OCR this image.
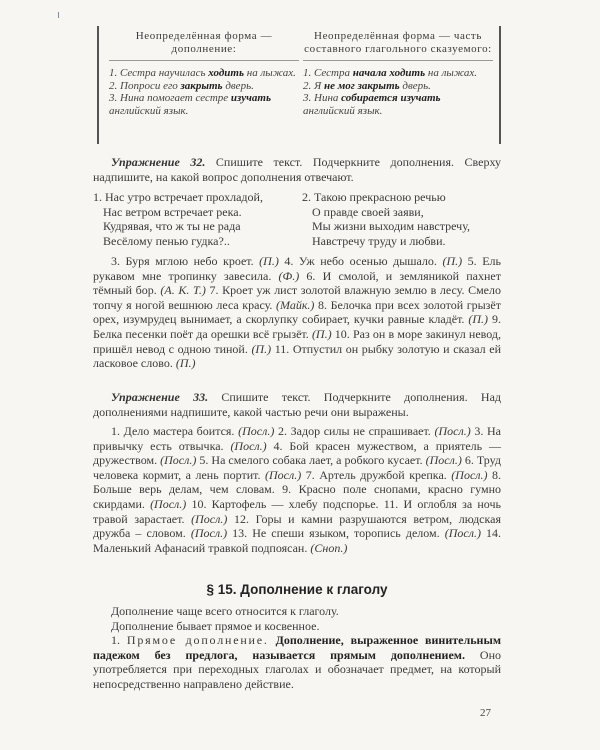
Неопределённая форма — дополнение:
1. Сестра научилась ходить на лыжах.
2. Попроси его закрыть дверь.
3. Нина помогает сестре изучать английский язык.
Неопределённая форма — часть составного глагольного сказуемого:
1. Сестра начала ходить на лыжах.
2. Я не мог закрыть дверь.
3. Нина собирается изучать английский язык.

Упражнение 32. Спишите текст. Подчеркните дополнения. Сверху надпишите, на какой вопрос дополнения отвечают.

1. Нас утро встречает прохладой,
Нас ветром встречает река.
Кудрявая, что ж ты не рада
Весёлому пенью гудка?..
2. Такою прекрасною речью
О правде своей заяви,
Мы жизни выходим навстречу,
Навстречу труду и любви.

3. Буря мглою небо кроет. (П.) 4. Уж небо осенью дышало. (П.) 5. Ель рукавом мне тропинку завесила. (Ф.) 6. И смолой, и земляникой пахнет тёмный бор. (А. К. Т.) 7. Кроет уж лист золотой влажную землю в лесу. Смело топчу я ногой вешнюю леса красу. (Майк.) 8. Белочка при всех золотой грызёт орех, изумрудец вынимает, а скорлупку собирает, кучки равные кладёт. (П.) 9. Белка песенки поёт да орешки всё грызёт. (П.) 10. Раз он в море закинул невод, пришёл невод с одною тиной. (П.) 11. Отпустил он рыбку золотую и сказал ей ласковое слово. (П.)

Упражнение 33. Спишите текст. Подчеркните дополнения. Над дополнениями надпишите, какой частью речи они выражены.

1. Дело мастера боится. (Посл.) 2. Задор силы не спрашивает. (Посл.) 3. На привычку есть отвычка. (Посл.) 4. Бой красен мужеством, а приятель — дружеством. (Посл.) 5. На смелого собака лает, а робкого кусает. (Посл.) 6. Труд человека кормит, а лень портит. (Посл.) 7. Артель дружбой крепка. (Посл.) 8. Больше верь делам, чем словам. 9. Красно поле снопами, красно гумно скирдами. (Посл.) 10. Картофель — хлебу подспорье. 11. И оглобля за ночь травой зарастает. (Посл.) 12. Горы и камни разрушаются ветром, людская дружба – словом. (Посл.) 13. Не спеши языком, торопись делом. (Посл.) 14. Маленький Афанасий травкой подпоясан. (Снoп.)

§ 15. Дополнение к глаголу

Дополнение чаще всего относится к глаголу.

Дополнение бывает прямое и косвенное.

1. Прямое дополнение. Дополнение, выраженное винительным падежом без предлога, называется прямым дополнением. Оно употребляется при переходных глаголах и обозначает предмет, на который непосредственно направлено действие.

27
